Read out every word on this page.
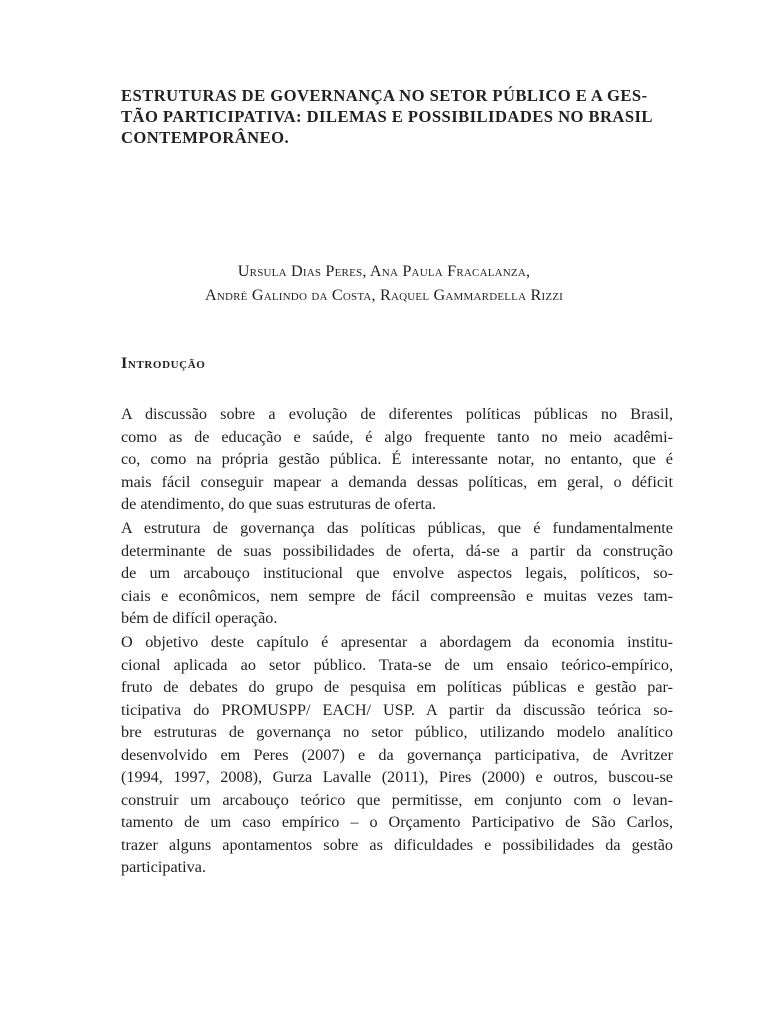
ESTRUTURAS DE GOVERNANÇA NO SETOR PÚBLICO E A GES-
TÃO PARTICIPATIVA: DILEMAS E POSSIBILIDADES NO BRASIL
CONTEMPORÂNEO.
Ursula Dias Peres, Ana Paula Fracalanza,
André Galindo da Costa, Raquel Gammardella Rizzi
Introdução

A discussão sobre a evolução de diferentes políticas públicas no Brasil,
como as de educação e saúde, é algo frequente tanto no meio acadêmi-
co, como na própria gestão pública. É interessante notar, no entanto, que é
mais fácil conseguir mapear a demanda dessas políticas, em geral, o déficit
de atendimento, do que suas estruturas de oferta.

A estrutura de governança das políticas públicas, que é fundamentalmente
determinante de suas possibilidades de oferta, dá-se a partir da construção
de um arcabouço institucional que envolve aspectos legais, políticos, so-
ciais e econômicos, nem sempre de fácil compreensão e muitas vezes tam-
bém de difícil operação.

O objetivo deste capítulo é apresentar a abordagem da economia institu-
cional aplicada ao setor público. Trata-se de um ensaio teórico-empírico,
fruto de debates do grupo de pesquisa em políticas públicas e gestão par-
ticipativa do PROMUSPP/ EACH/ USP. A partir da discussão teórica so-
bre estruturas de governança no setor público, utilizando modelo analítico
desenvolvido em Peres (2007) e da governança participativa, de Avritzer
(1994, 1997, 2008), Gurza Lavalle (2011), Pires (2000) e outros, buscou-se
construir um arcabouço teórico que permitisse, em conjunto com o levan-
tamento de um caso empírico – o Orçamento Participativo de São Carlos,
trazer alguns apontamentos sobre as dificuldades e possibilidades da gestão
participativa.
